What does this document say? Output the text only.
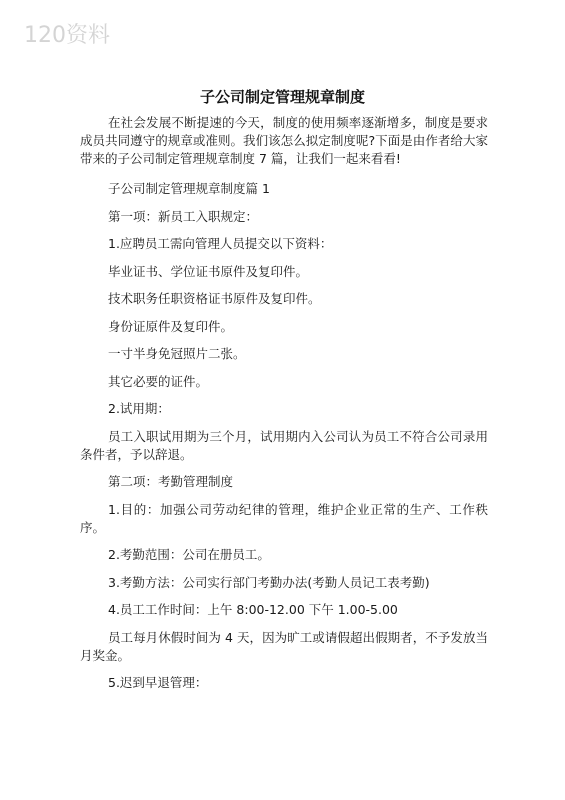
120资料
子公司制定管理规章制度

在社会发展不断提速的今天，制度的使用频率逐渐增多，制度是要求成员共同遵守的规章或准则。我们该怎么拟定制度呢?下面是由作者给大家带来的子公司制定管理规章制度 7 篇，让我们一起来看看!

子公司制定管理规章制度篇 1

第一项：新员工入职规定：

1.应聘员工需向管理人员提交以下资料：

毕业证书、学位证书原件及复印件。

技术职务任职资格证书原件及复印件。

身份证原件及复印件。

一寸半身免冠照片二张。

其它必要的证件。

2.试用期：

员工入职试用期为三个月，试用期内入公司认为员工不符合公司录用条件者，予以辞退。

第二项：考勤管理制度

1.目的：加强公司劳动纪律的管理，维护企业正常的生产、工作秩序。

2.考勤范围：公司在册员工。

3.考勤方法：公司实行部门考勤办法(考勤人员记工表考勤)

4.员工工作时间：上午 8:00-12.00 下午 1.00-5.00

员工每月休假时间为 4 天，因为旷工或请假超出假期者，不予发放当月奖金。

5.迟到早退管理：
